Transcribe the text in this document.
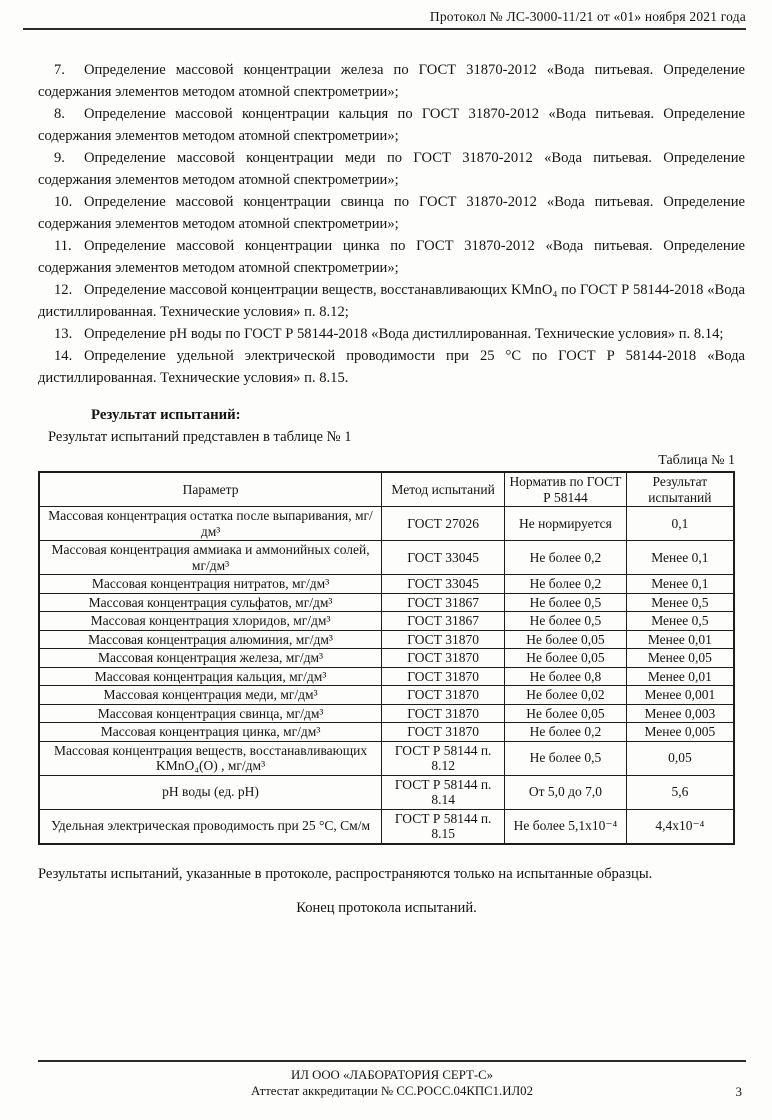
Протокол № ЛС-3000-11/21 от «01» ноября 2021 года

7. Определение массовой концентрации железа по ГОСТ 31870-2012 «Вода питьевая. Определение содержания элементов методом атомной спектрометрии»;

8. Определение массовой концентрации кальция по ГОСТ 31870-2012 «Вода питьевая. Определение содержания элементов методом атомной спектрометрии»;

9. Определение массовой концентрации меди по ГОСТ 31870-2012 «Вода питьевая. Определение содержания элементов методом атомной спектрометрии»;

10. Определение массовой концентрации свинца по ГОСТ 31870-2012 «Вода питьевая. Определение содержания элементов методом атомной спектрометрии»;

11. Определение массовой концентрации цинка по ГОСТ 31870-2012 «Вода питьевая. Определение содержания элементов методом атомной спектрометрии»;

12. Определение массовой концентрации веществ, восстанавливающих KMnO₄ по ГОСТ Р 58144-2018 «Вода дистиллированная. Технические условия» п. 8.12;

13. Определение pH воды по ГОСТ Р 58144-2018 «Вода дистиллированная. Технические условия» п. 8.14;

14. Определение удельной электрической проводимости при 25 °С по ГОСТ Р 58144-2018 «Вода дистиллированная. Технические условия» п. 8.15.

Результат испытаний:

Результат испытаний представлен в таблице № 1

Таблица № 1
Параметр	Метод испытаний	Норматив по ГОСТ Р 58144	Результат испытаний
Массовая концентрация остатка после выпаривания, мг/дм³	ГОСТ 27026	Не нормируется	0,1
Массовая концентрация аммиака и аммонийных солей, мг/дм³	ГОСТ 33045	Не более 0,2	Менее 0,1
Массовая концентрация нитратов, мг/дм³	ГОСТ 33045	Не более 0,2	Менее 0,1
Массовая концентрация сульфатов, мг/дм³	ГОСТ 31867	Не более 0,5	Менее 0,5
Массовая концентрация хлоридов, мг/дм³	ГОСТ 31867	Не более 0,5	Менее 0,5
Массовая концентрация алюминия, мг/дм³	ГОСТ 31870	Не более 0,05	Менее 0,01
Массовая концентрация железа, мг/дм³	ГОСТ 31870	Не более 0,05	Менее 0,05
Массовая концентрация кальция, мг/дм³	ГОСТ 31870	Не более 0,8	Менее 0,01
Массовая концентрация меди, мг/дм³	ГОСТ 31870	Не более 0,02	Менее 0,001
Массовая концентрация свинца, мг/дм³	ГОСТ 31870	Не более 0,05	Менее 0,003
Массовая концентрация цинка, мг/дм³	ГОСТ 31870	Не более 0,2	Менее 0,005
Массовая концентрация веществ, восстанавливающих KMnO₄(O) , мг/дм³	ГОСТ Р 58144 п. 8.12	Не более 0,5	0,05
pH воды (ед. pH)	ГОСТ Р 58144 п. 8.14	От 5,0 до 7,0	5,6
Удельная электрическая проводимость при 25 °С, См/м	ГОСТ Р 58144 п. 8.15	Не более 5,1х10⁻⁴	4,4х10⁻⁴

Результаты испытаний, указанные в протоколе, распространяются только на испытанные образцы.

Конец протокола испытаний.

ИЛ ООО «ЛАБОРАТОРИЯ СЕРТ-С»
Аттестат аккредитации № СС.РОСС.04КПС1.ИЛ02	3
